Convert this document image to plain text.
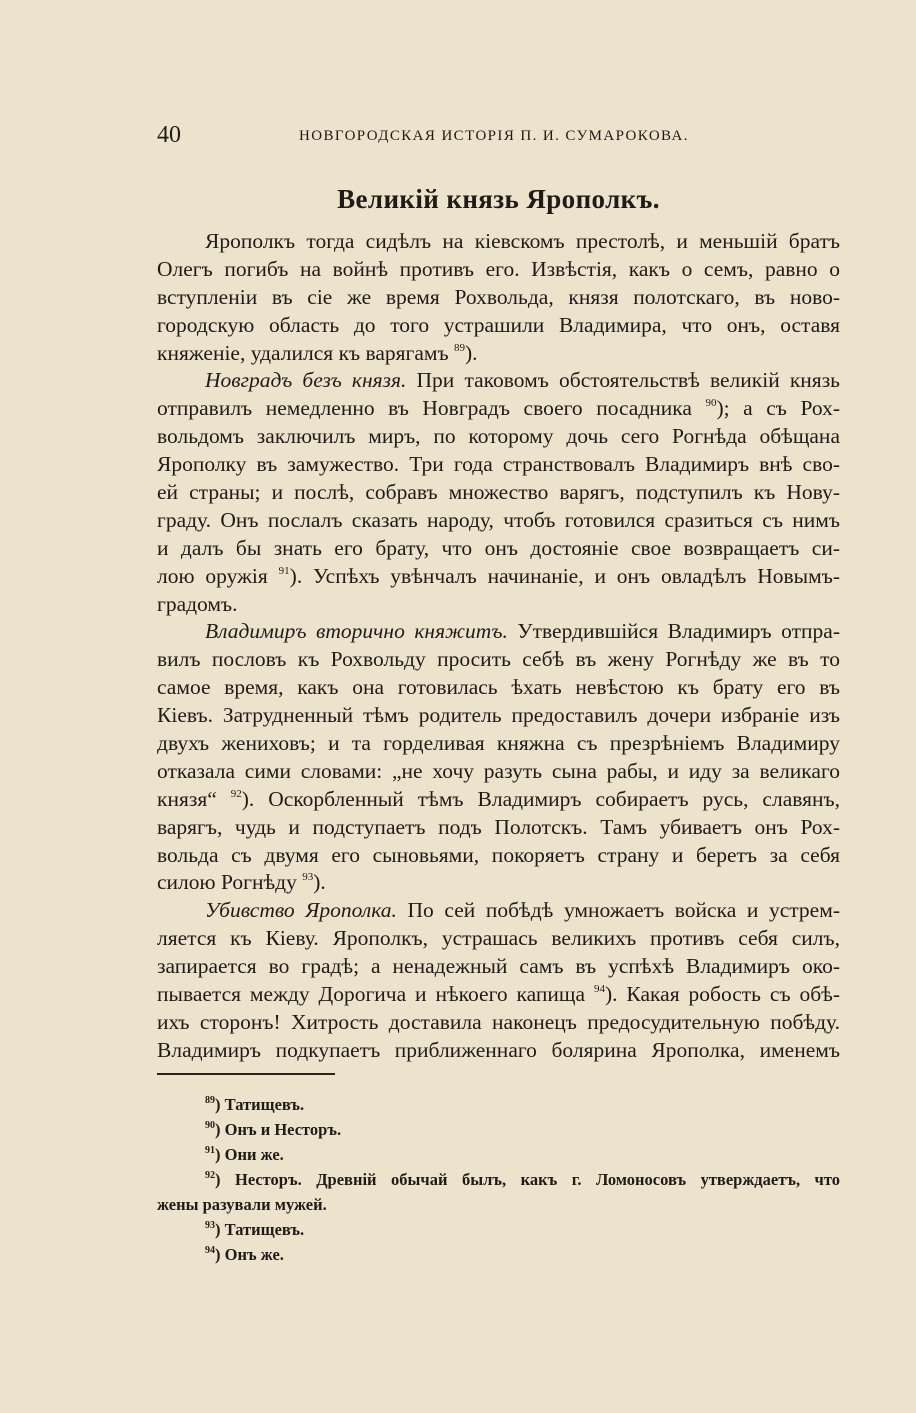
40	НОВГОРОДСКАЯ ИСТОРІЯ П. И. СУМАРОКОВА.
Великій князь Ярополкъ.
Ярополкъ тогда сидѣлъ на кіевскомъ престолѣ, и меньшій братъ
Олегъ погибъ на войнѣ противъ его. Извѣстія, какъ о семъ, равно о
вступленіи въ сіе же время Рохвольда, князя полотскаго, въ ново-
городскую область до того устрашили Владимира, что онъ, оставя
княженіе, удалился къ варягамъ $^{89}$).
Новградъ безъ князя. При таковомъ обстоятельствѣ великій князь
отправилъ немедленно въ Новградъ своего посадника $^{90}$); а съ Рох-
вольдомъ заключилъ миръ, по которому дочь сего Рогнѣда обѣщана
Ярополку въ замужество. Три года странствовалъ Владимиръ внѣ сво-
ей страны; и послѣ, собравъ множество варягъ, подступилъ къ Нову-
граду. Онъ послалъ сказать народу, чтобъ готовился сразиться съ нимъ
и далъ бы знать его брату, что онъ достояніе свое возвращаетъ си-
лою оружія $^{91}$). Успѣхъ увѣнчалъ начинаніе, и онъ овладѣлъ Новымъ-
градомъ.
Владимиръ вторично княжитъ. Утвердившійся Владимиръ отпра-
вилъ пословъ къ Рохвольду просить себѣ въ жену Рогнѣду же въ то
самое время, какъ она готовилась ѣхать невѣстою къ брату его въ
Кіевъ. Затрудненный тѣмъ родитель предоставилъ дочери избраніе изъ
двухъ жениховъ; и та горделивая княжна съ презрѣніемъ Владимиру
отказала сими словами: „не хочу разуть сына рабы, и иду за великаго
князя“ $^{92}$). Оскорбленный тѣмъ Владимиръ собираетъ русь, славянъ,
варягъ, чудь и подступаетъ подъ Полотскъ. Тамъ убиваетъ онъ Рох-
вольда съ двумя его сыновьями, покоряетъ страну и беретъ за себя
силою Рогнѣду $^{93}$).
Убивство Ярополка. По сей побѣдѣ умножаетъ войска и устрем-
ляется къ Кіеву. Ярополкъ, устрашась великихъ противъ себя силъ,
запирается во градѣ; а ненадежный самъ въ успѣхѣ Владимиръ око-
пывается между Дорогича и нѣкоего капища $^{94}$). Какая робость съ обѣ-
ихъ сторонъ! Хитрость доставила наконецъ предосудительную побѣду.
Владимиръ подкупаетъ приближеннаго болярина Ярополка, именемъ
$^{89}$) Татищевъ.
$^{90}$) Онъ и Несторъ.
$^{91}$) Они же.
$^{92}$) Несторъ. Древній обычай былъ, какъ г. Ломоносовъ утверждаетъ, что
жены разували мужей.
$^{93}$) Татищевъ.
$^{94}$) Онъ же.
